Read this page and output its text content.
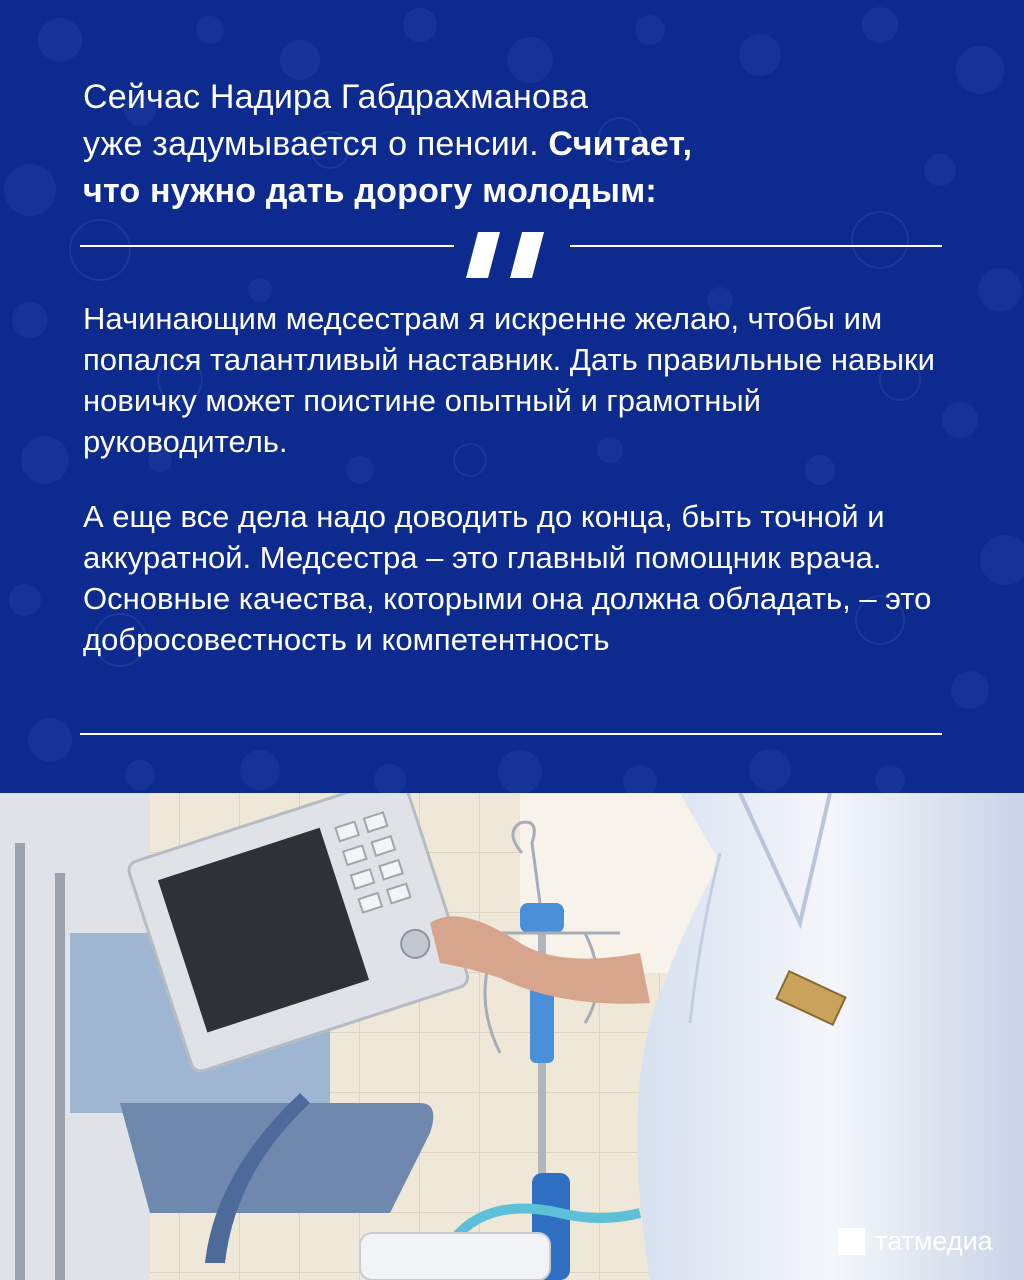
Сейчас Надира Габдрахманова
уже задумывается о пенсии. Считает,
что нужно дать дорогу молодым:

Начинающим медсестрам я искренне желаю, чтобы им попался талантливый наставник. Дать правильные навыки новичку может поистине опытный и грамотный руководитель.

А еще все дела надо доводить до конца, быть точной и аккуратной. Медсестра – это главный помощник врача. Основные качества, которыми она должна обладать, – это добросовестность и компетентность

татмедиа
